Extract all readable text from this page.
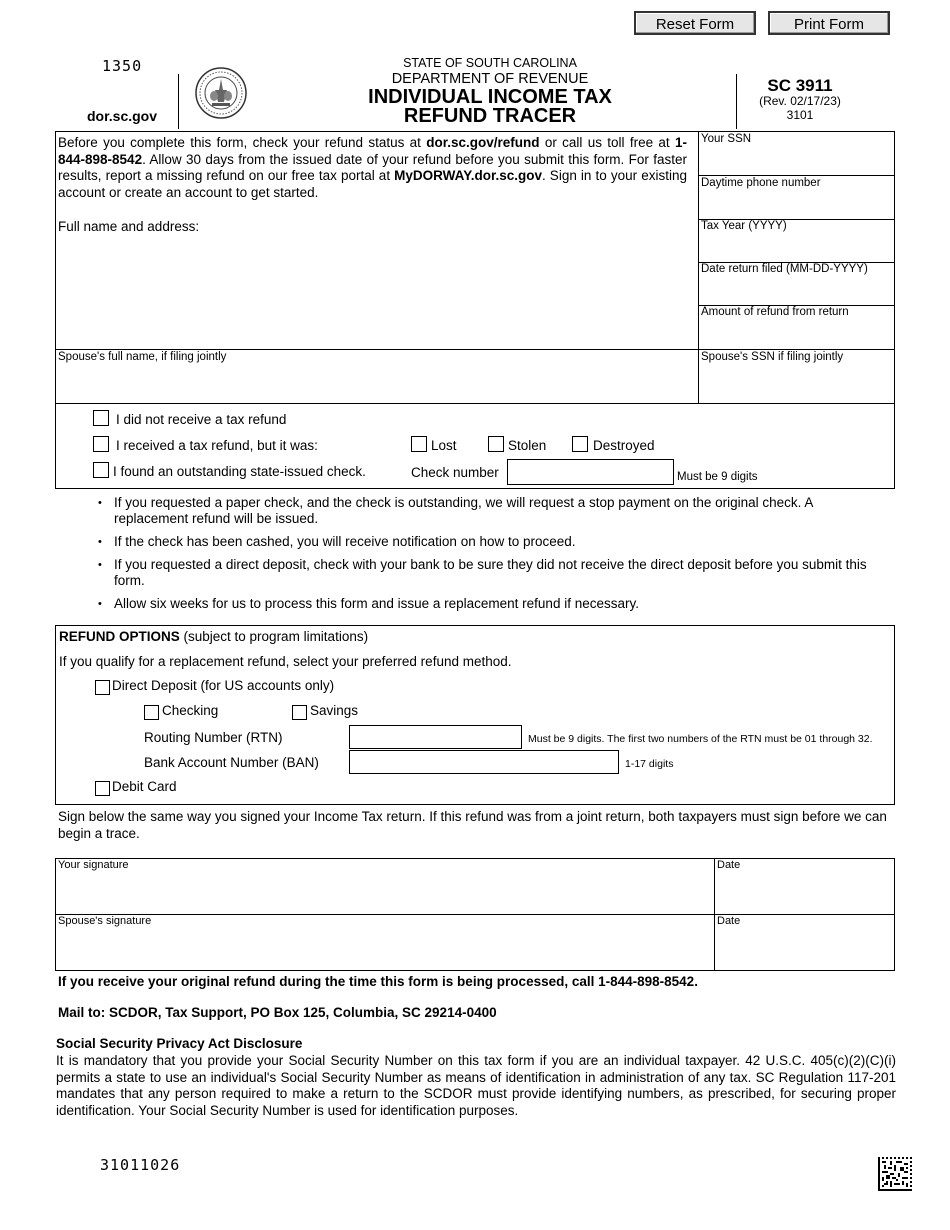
Reset Form	Print Form
1350
dor.sc.gov
STATE OF SOUTH CAROLINA
DEPARTMENT OF REVENUE
INDIVIDUAL INCOME TAX
REFUND TRACER
SC 3911
(Rev. 02/17/23)
3101
Before you complete this form, check your refund status at dor.sc.gov/refund or call us toll free at 1-844-898-8542. Allow 30 days from the issued date of your refund before you submit this form. For faster results, report a missing refund on our free tax portal at MyDORWAY.dor.sc.gov. Sign in to your existing account or create an account to get started.
Full name and address:
Your SSN
Daytime phone number
Tax Year (YYYY)
Date return filed (MM-DD-YYYY)
Amount of refund from return
Spouse's full name, if filing jointly	Spouse's SSN if filing jointly
I did not receive a tax refund
I received a tax refund, but it was:	Lost	Stolen	Destroyed
I found an outstanding state-issued check.	Check number	Must be 9 digits
• If you requested a paper check, and the check is outstanding, we will request a stop payment on the original check. A replacement refund will be issued.
• If the check has been cashed, you will receive notification on how to proceed.
• If you requested a direct deposit, check with your bank to be sure they did not receive the direct deposit before you submit this form.
• Allow six weeks for us to process this form and issue a replacement refund if necessary.
REFUND OPTIONS (subject to program limitations)
If you qualify for a replacement refund, select your preferred refund method.
Direct Deposit (for US accounts only)
Checking	Savings
Routing Number (RTN)	Must be 9 digits. The first two numbers of the RTN must be 01 through 32.
Bank Account Number (BAN)	1-17 digits
Debit Card
Sign below the same way you signed your Income Tax return. If this refund was from a joint return, both taxpayers must sign before we can begin a trace.
Your signature	Date
Spouse's signature	Date
If you receive your original refund during the time this form is being processed, call 1-844-898-8542.
Mail to: SCDOR, Tax Support, PO Box 125, Columbia, SC 29214-0400
Social Security Privacy Act Disclosure
It is mandatory that you provide your Social Security Number on this tax form if you are an individual taxpayer. 42 U.S.C. 405(c)(2)(C)(i) permits a state to use an individual's Social Security Number as means of identification in administration of any tax. SC Regulation 117-201 mandates that any person required to make a return to the SCDOR must provide identifying numbers, as prescribed, for securing proper identification. Your Social Security Number is used for identification purposes.
31011026
